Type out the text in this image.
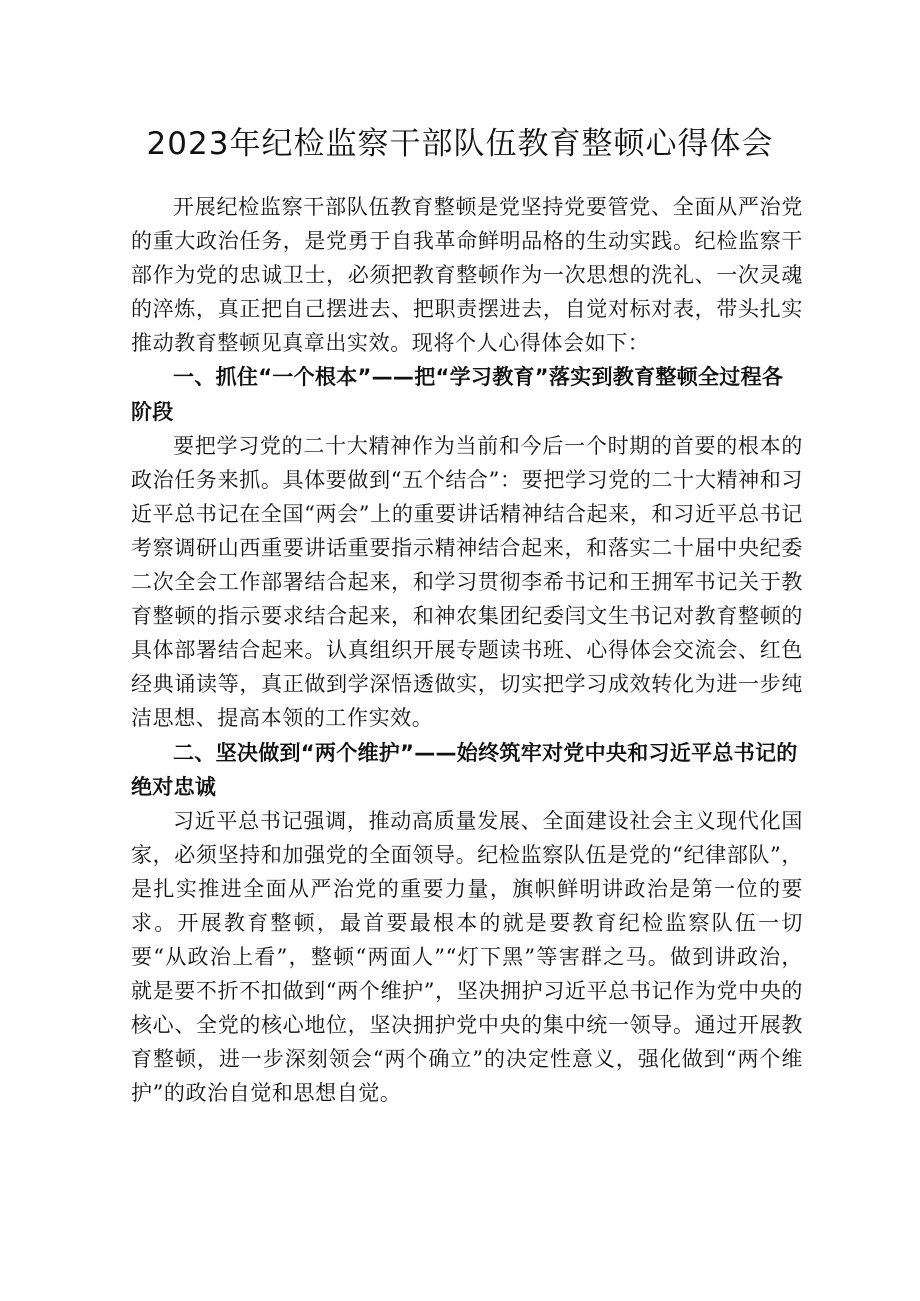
2023年纪检监察干部队伍教育整顿心得体会

开展纪检监察干部队伍教育整顿是党坚持党要管党、全面从严治党的重大政治任务，是党勇于自我革命鲜明品格的生动实践。纪检监察干部作为党的忠诚卫士，必须把教育整顿作为一次思想的洗礼、一次灵魂的淬炼，真正把自己摆进去、把职责摆进去，自觉对标对表，带头扎实推动教育整顿见真章出实效。现将个人心得体会如下：

一、抓住“一个根本”——把“学习教育”落实到教育整顿全过程各阶段

要把学习党的二十大精神作为当前和今后一个时期的首要的根本的政治任务来抓。具体要做到“五个结合”：要把学习党的二十大精神和习近平总书记在全国“两会”上的重要讲话精神结合起来，和习近平总书记考察调研山西重要讲话重要指示精神结合起来，和落实二十届中央纪委二次全会工作部署结合起来，和学习贯彻李希书记和王拥军书记关于教育整顿的指示要求结合起来，和神农集团纪委闫文生书记对教育整顿的具体部署结合起来。认真组织开展专题读书班、心得体会交流会、红色经典诵读等，真正做到学深悟透做实，切实把学习成效转化为进一步纯洁思想、提高本领的工作实效。

二、坚决做到“两个维护”——始终筑牢对党中央和习近平总书记的绝对忠诚

习近平总书记强调，推动高质量发展、全面建设社会主义现代化国家，必须坚持和加强党的全面领导。纪检监察队伍是党的“纪律部队”，是扎实推进全面从严治党的重要力量，旗帜鲜明讲政治是第一位的要求。开展教育整顿，最首要最根本的就是要教育纪检监察队伍一切要“从政治上看”，整顿“两面人”“灯下黑”等害群之马。做到讲政治，就是要不折不扣做到“两个维护”，坚决拥护习近平总书记作为党中央的核心、全党的核心地位，坚决拥护党中央的集中统一领导。通过开展教育整顿，进一步深刻领会“两个确立”的决定性意义，强化做到“两个维护”的政治自觉和思想自觉。
